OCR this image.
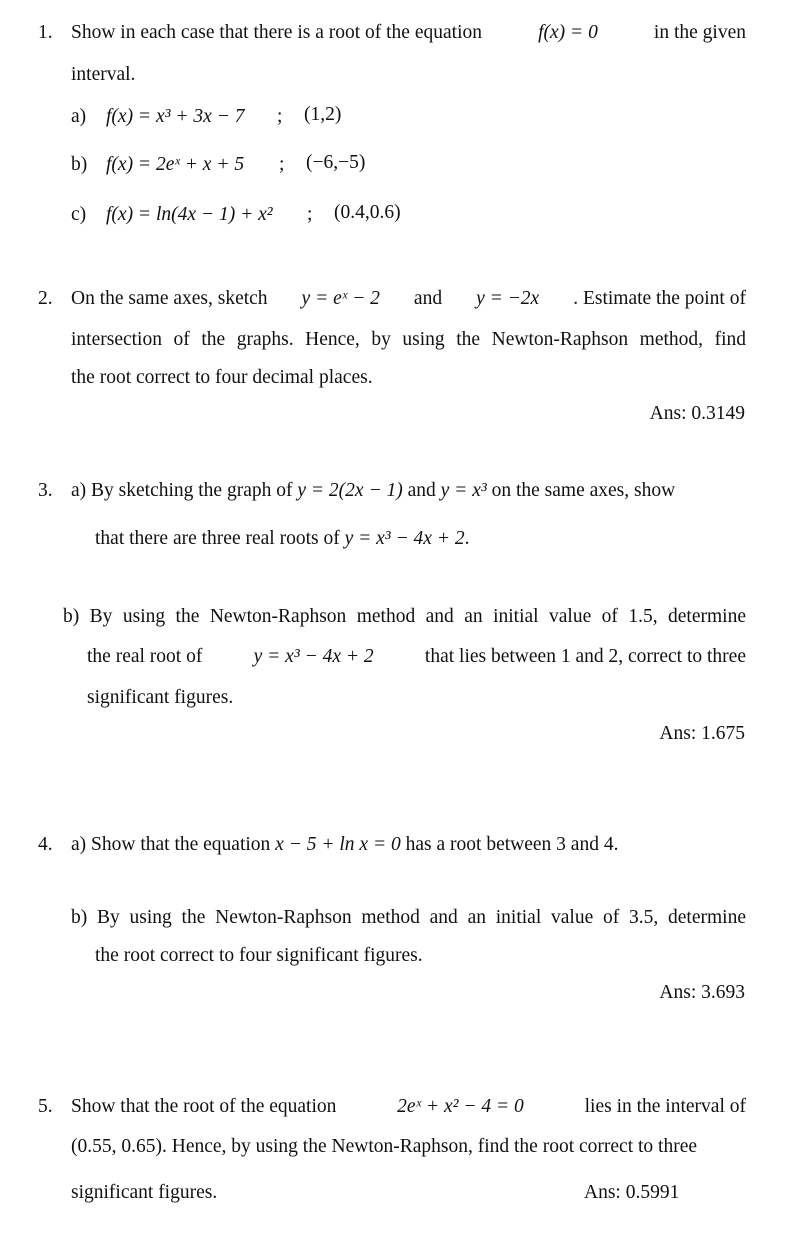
1. Show in each case that there is a root of the equation	f(x) = 0	in the given
interval.
a) f(x) = x³ + 3x − 7 ; (1,2)
b) f(x) = 2eˣ + x + 5 ; (−6,−5)
c) f(x) = ln(4x − 1) + x² ; (0.4,0.6)
2. On the same axes, sketch y = eˣ − 2 and y = −2x . Estimate the point of
intersection of the graphs. Hence, by using the Newton-Raphson method, find
the root correct to four decimal places.
Ans: 0.3149
3. a) By sketching the graph of y = 2(2x − 1) and y = x³ on the same axes, show
that there are three real roots of y = x³ − 4x + 2.
b) By using the Newton-Raphson method and an initial value of 1.5, determine
the real root of	y = x³ − 4x + 2	that lies between 1 and 2, correct to three
significant figures.
Ans: 1.675
4. a) Show that the equation x − 5 + ln x = 0 has a root between 3 and 4.
b) By using the Newton-Raphson method and an initial value of 3.5, determine
the root correct to four significant figures.
Ans: 3.693
5. Show that the root of the equation	2eˣ + x² − 4 = 0	lies in the interval of
(0.55, 0.65). Hence, by using the Newton-Raphson, find the root correct to three
significant figures.	Ans: 0.5991
